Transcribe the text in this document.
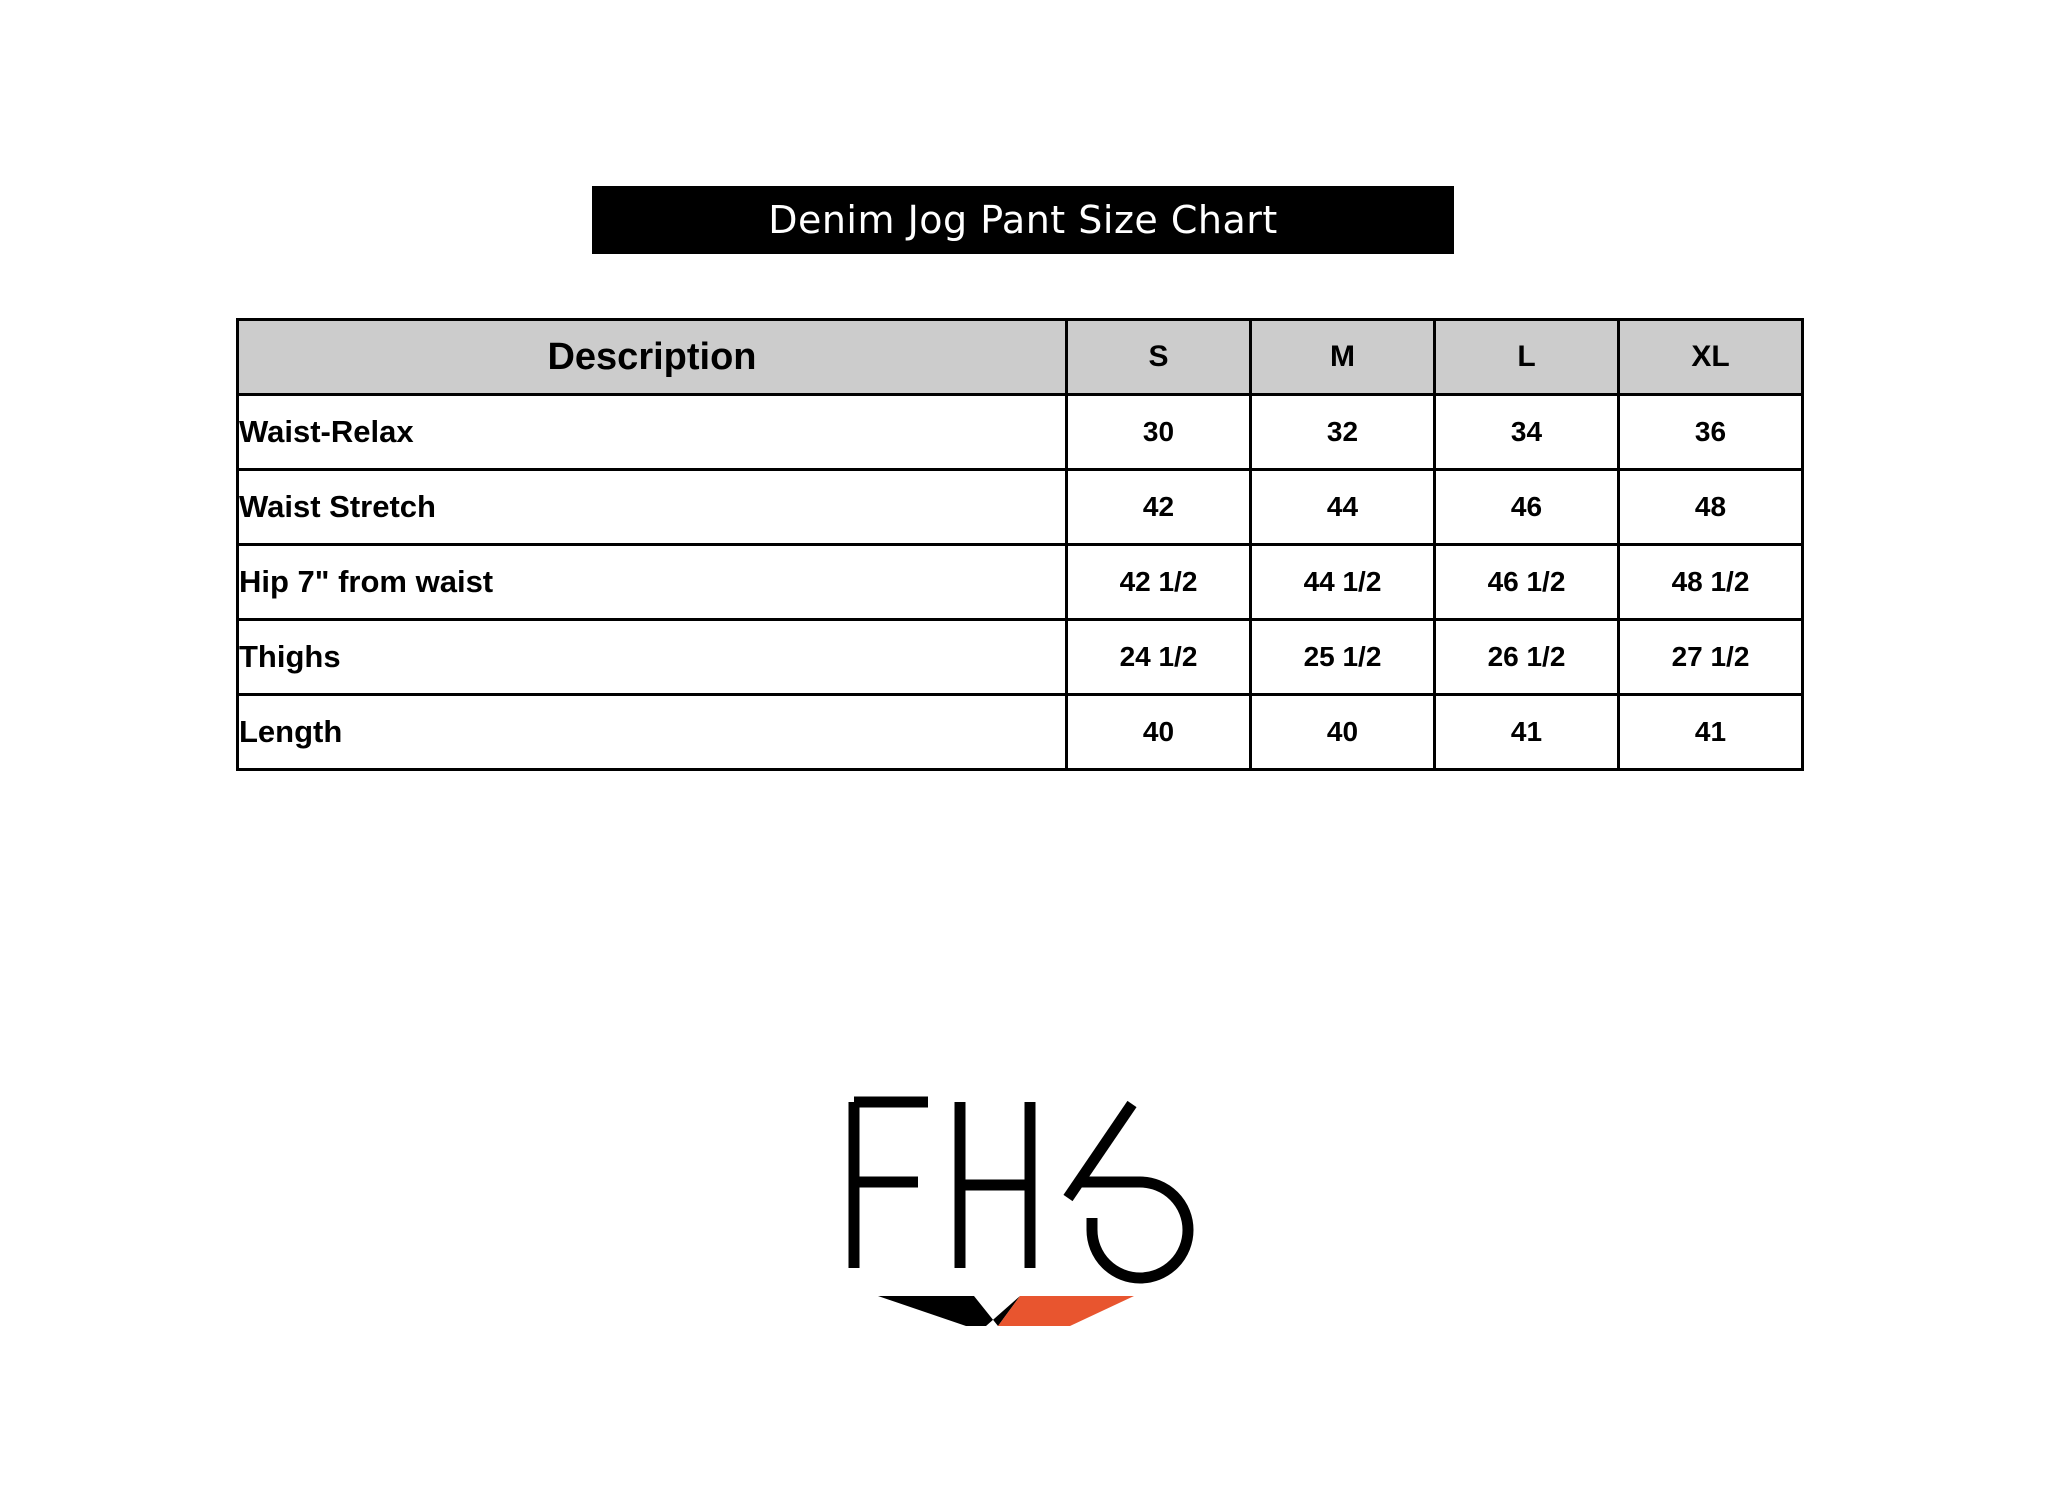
Denim Jog Pant Size Chart
Description	S	M	L	XL
Waist-Relax	30	32	34	36
Waist Stretch	42	44	46	48
Hip 7" from waist	42 1/2	44 1/2	46 1/2	48 1/2
Thighs	24 1/2	25 1/2	26 1/2	27 1/2
Length	40	40	41	41
